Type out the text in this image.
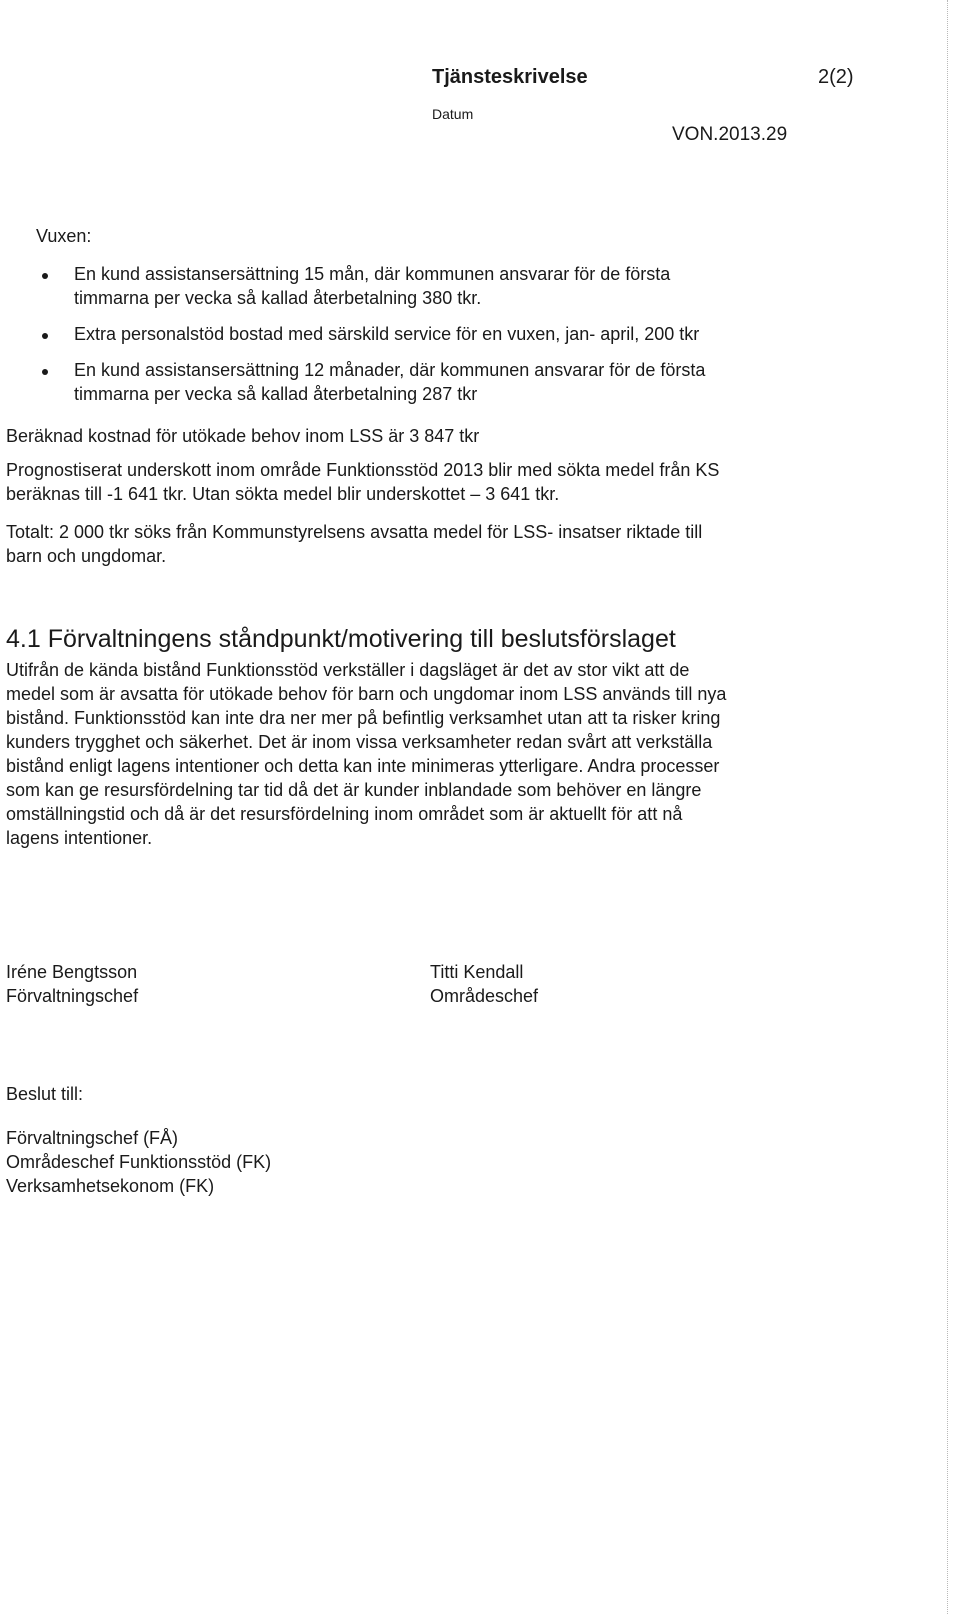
Tjänsteskrivelse	2(2)
Datum
VON.2013.29
Vuxen:
En kund assistansersättning 15 mån, där kommunen ansvarar för de första
timmarna per vecka så kallad återbetalning 380 tkr.
Extra personalstöd bostad med särskild service för en vuxen, jan- april, 200 tkr
En kund assistansersättning 12 månader, där kommunen ansvarar för de första
timmarna per vecka så kallad återbetalning 287 tkr
Beräknad kostnad för utökade behov inom LSS är 3 847 tkr
Prognostiserat underskott inom område Funktionsstöd 2013 blir med sökta medel från KS
beräknas till -1 641 tkr. Utan sökta medel blir underskottet – 3 641 tkr.
Totalt: 2 000 tkr söks från Kommunstyrelsens avsatta medel för LSS- insatser riktade till
barn och ungdomar.
4.1 Förvaltningens ståndpunkt/motivering till beslutsförslaget
Utifrån de kända bistånd Funktionsstöd verkställer i dagsläget är det av stor vikt att de
medel som är avsatta för utökade behov för barn och ungdomar inom LSS används till nya
bistånd. Funktionsstöd kan inte dra ner mer på befintlig verksamhet utan att ta risker kring
kunders trygghet och säkerhet. Det är inom vissa verksamheter redan svårt att verkställa
bistånd enligt lagens intentioner och detta kan inte minimeras ytterligare. Andra processer
som kan ge resursfördelning tar tid då det är kunder inblandade som behöver en längre
omställningstid och då är det resursfördelning inom området som är aktuellt för att nå
lagens intentioner.
Iréne Bengtsson
Förvaltningschef
Titti Kendall
Områdeschef
Beslut till:
Förvaltningschef (FÅ)
Områdeschef Funktionsstöd (FK)
Verksamhetsekonom (FK)
